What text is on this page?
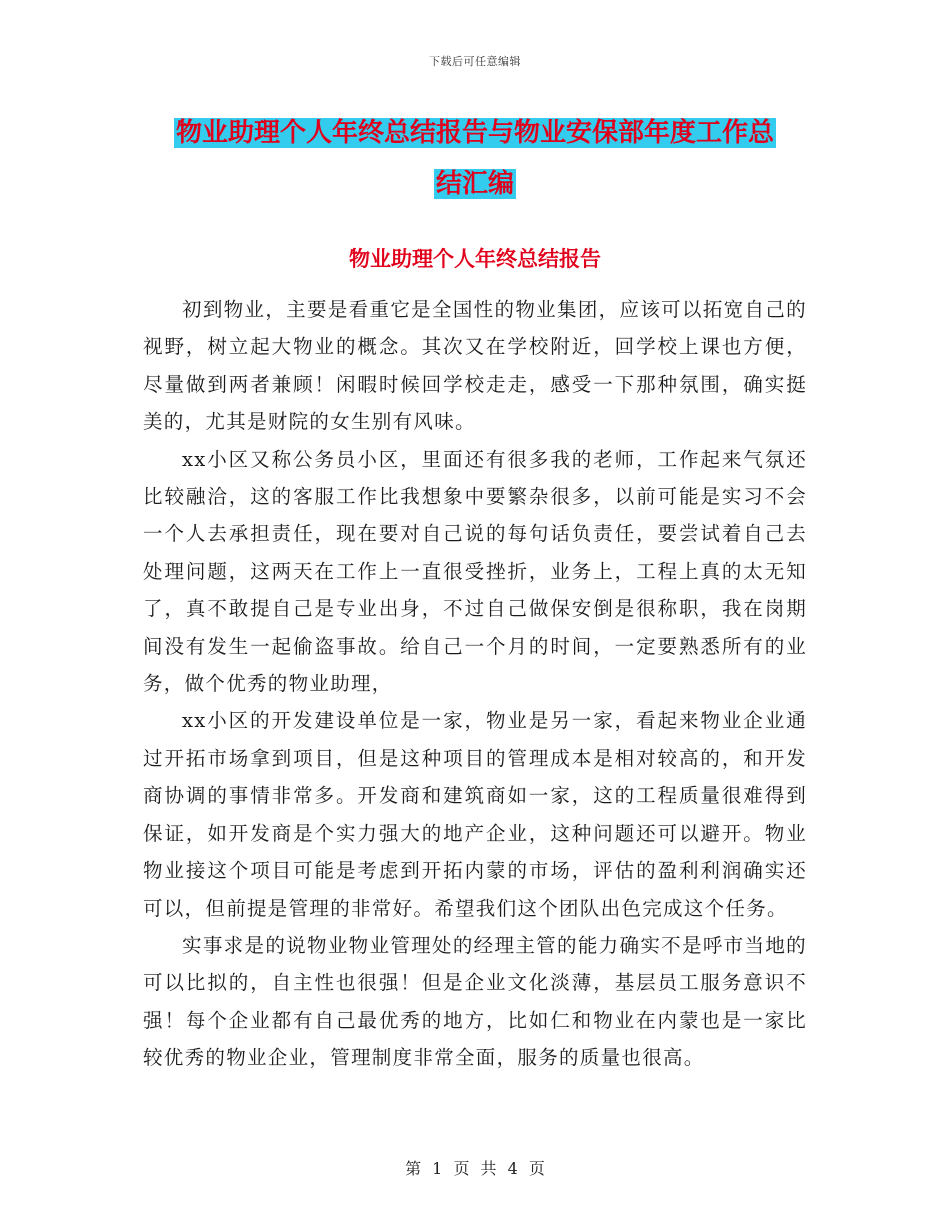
下载后可任意编辑
物业助理个人年终总结报告与物业安保部年度工作总
结汇编
物业助理个人年终总结报告

初到物业，主要是看重它是全国性的物业集团，应该可以拓宽自己的视野，树立起大物业的概念。其次又在学校附近，回学校上课也方便，尽量做到两者兼顾！闲暇时候回学校走走，感受一下那种氛围，确实挺美的，尤其是财院的女生别有风味。

xx小区又称公务员小区，里面还有很多我的老师，工作起来气氛还比较融洽，这的客服工作比我想象中要繁杂很多，以前可能是实习不会一个人去承担责任，现在要对自己说的每句话负责任，要尝试着自己去处理问题，这两天在工作上一直很受挫折，业务上，工程上真的太无知了，真不敢提自己是专业出身，不过自己做保安倒是很称职，我在岗期间没有发生一起偷盗事故。给自己一个月的时间，一定要熟悉所有的业务，做个优秀的物业助理，

xx小区的开发建设单位是一家，物业是另一家，看起来物业企业通过开拓市场拿到项目，但是这种项目的管理成本是相对较高的，和开发商协调的事情非常多。开发商和建筑商如一家，这的工程质量很难得到保证，如开发商是个实力强大的地产企业，这种问题还可以避开。物业物业接这个项目可能是考虑到开拓内蒙的市场，评估的盈利利润确实还可以，但前提是管理的非常好。希望我们这个团队出色完成这个任务。

实事求是的说物业物业管理处的经理主管的能力确实不是呼市当地的可以比拟的，自主性也很强！但是企业文化淡薄，基层员工服务意识不强！每个企业都有自己最优秀的地方，比如仁和物业在内蒙也是一家比较优秀的物业企业，管理制度非常全面，服务的质量也很高。

第 1 页 共 4 页
